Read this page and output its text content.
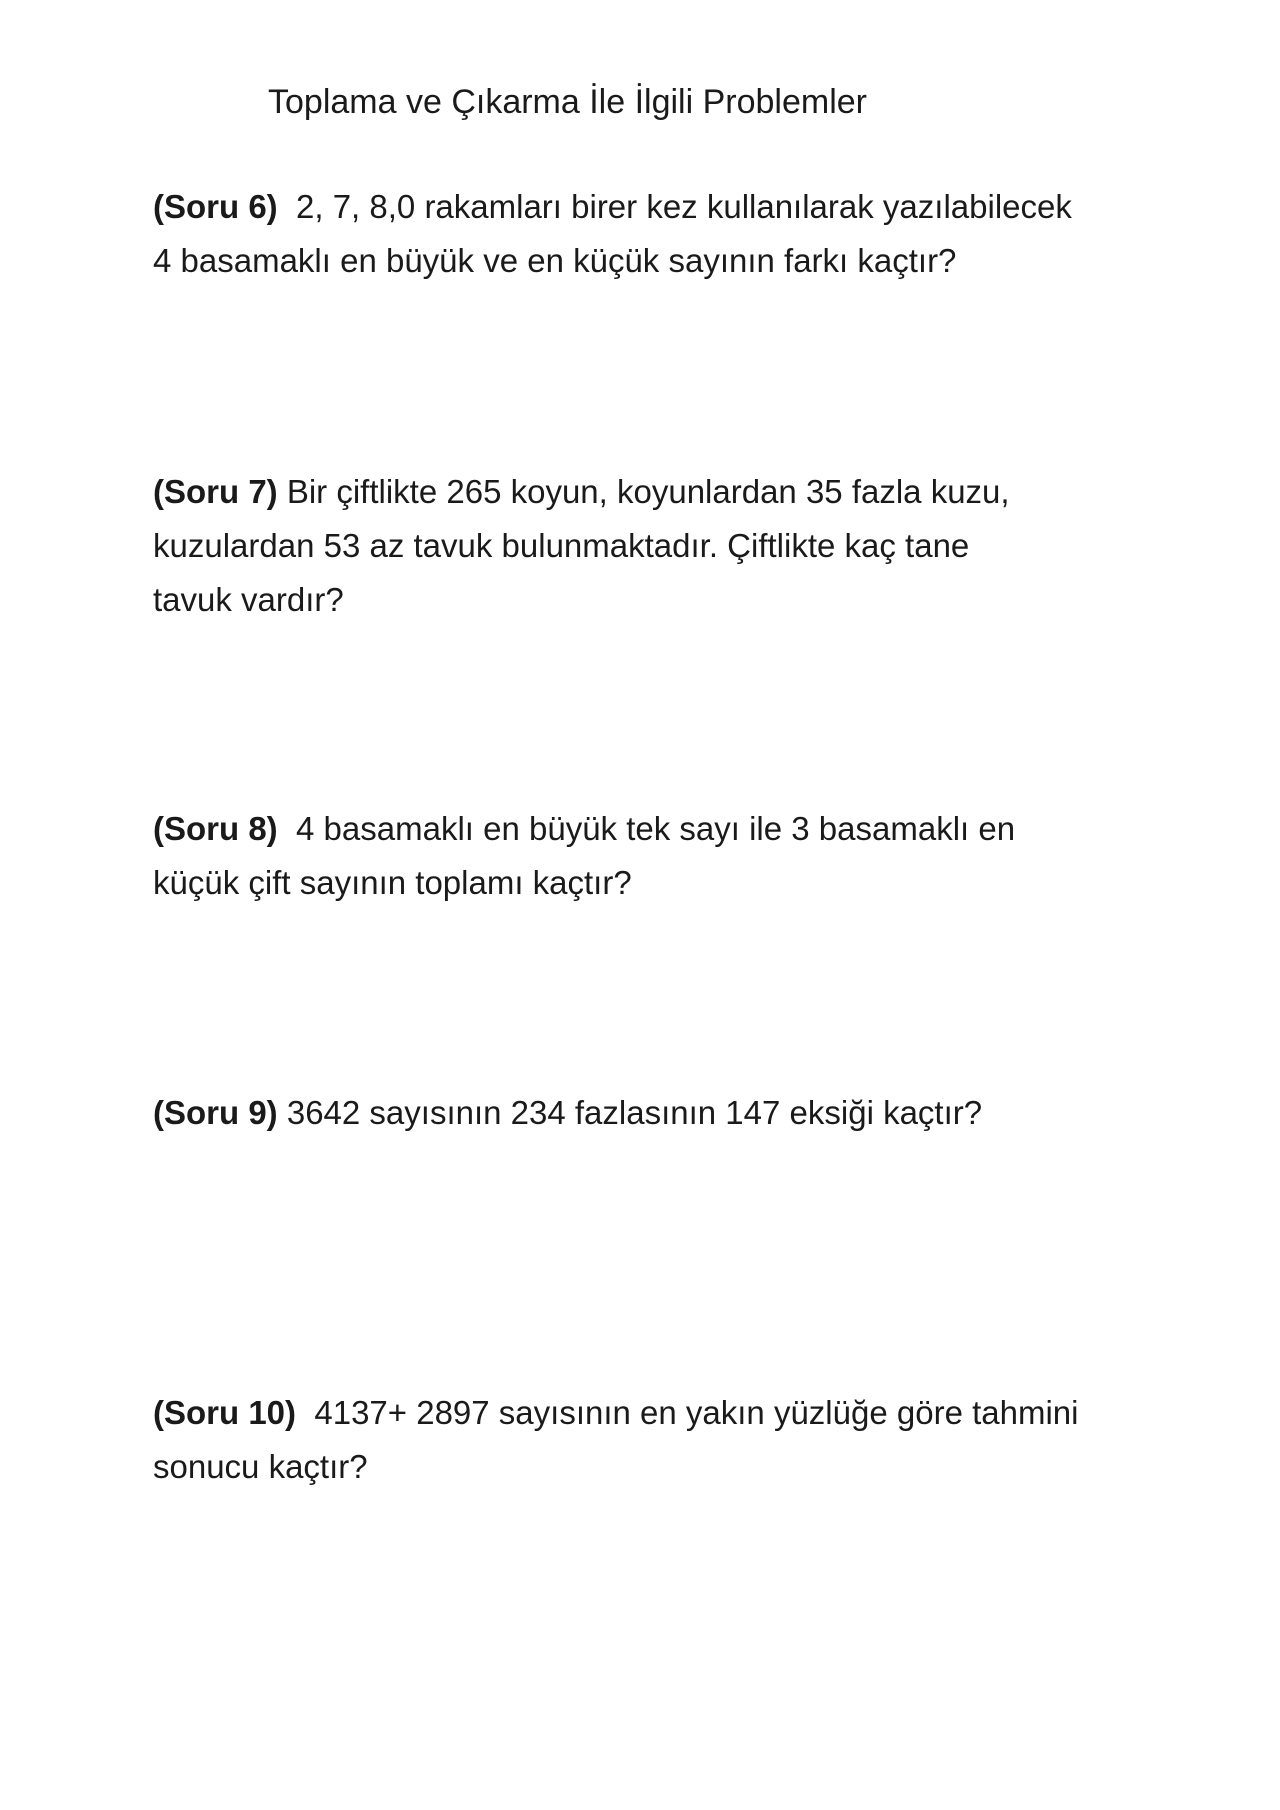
Toplama ve Çıkarma İle İlgili Problemler
(Soru 6) 2, 7, 8,0 rakamları birer kez kullanılarak yazılabilecek
4 basamaklı en büyük ve en küçük sayının farkı kaçtır?
(Soru 7) Bir çiftlikte 265 koyun, koyunlardan 35 fazla kuzu,
kuzulardan 53 az tavuk bulunmaktadır. Çiftlikte kaç tane
tavuk vardır?
(Soru 8) 4 basamaklı en büyük tek sayı ile 3 basamaklı en
küçük çift sayının toplamı kaçtır?
(Soru 9) 3642 sayısının 234 fazlasının 147 eksiği kaçtır?
(Soru 10) 4137+ 2897 sayısının en yakın yüzlüğe göre tahmini
sonucu kaçtır?
